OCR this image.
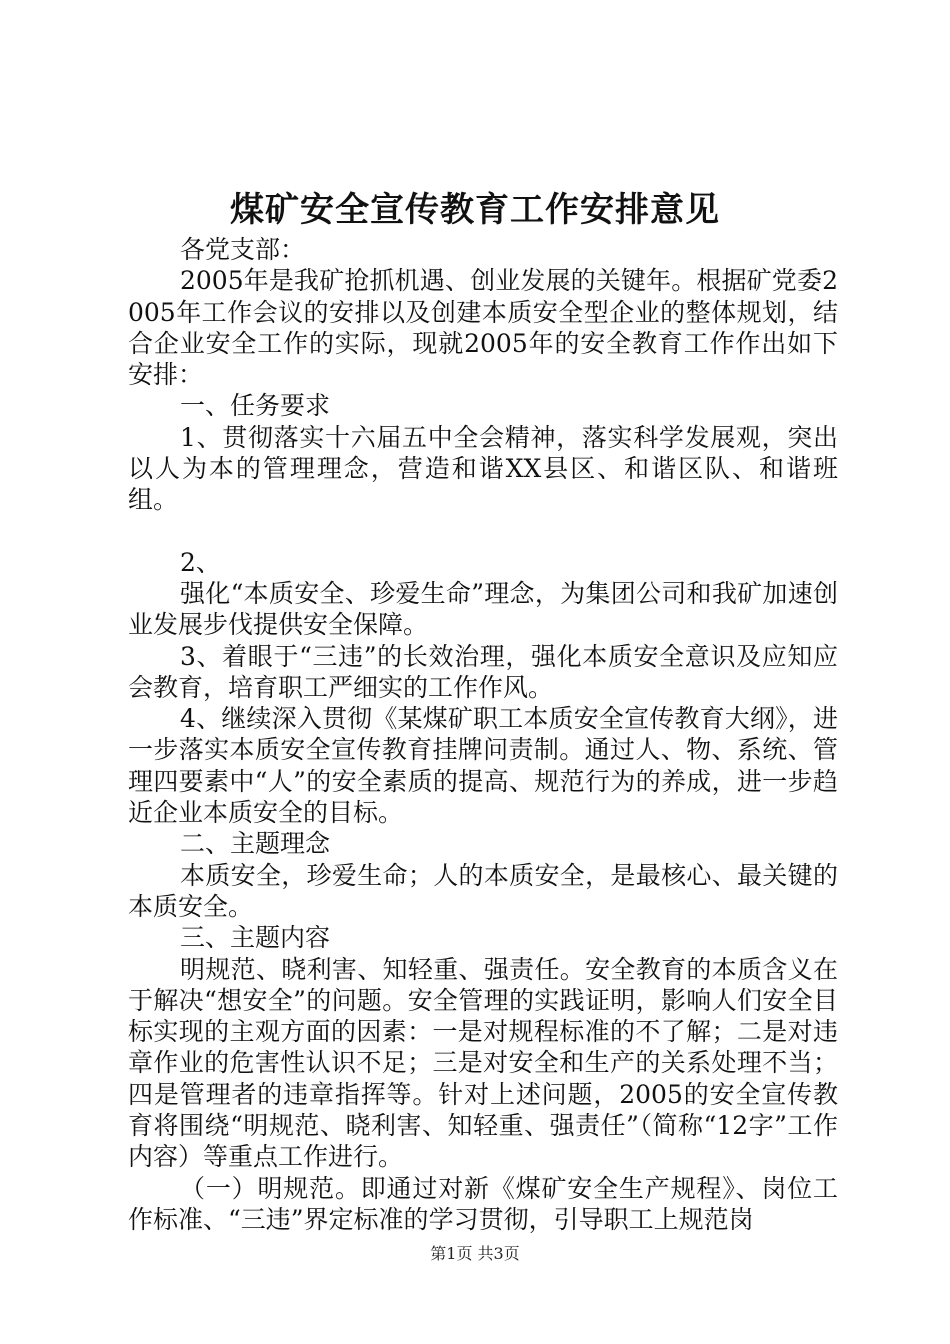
煤矿安全宣传教育工作安排意见

各党支部：

2005年是我矿抢抓机遇、创业发展的关键年。根据矿党委2005年工作会议的安排以及创建本质安全型企业的整体规划，结合企业安全工作的实际，现就2005年的安全教育工作作出如下安排：

一、任务要求

1、贯彻落实十六届五中全会精神，落实科学发展观，突出以人为本的管理理念，营造和谐XX县区、和谐区队、和谐班组。

2、

强化“本质安全、珍爱生命”理念，为集团公司和我矿加速创业发展步伐提供安全保障。

3、着眼于“三违”的长效治理，强化本质安全意识及应知应会教育，培育职工严细实的工作作风。

4、继续深入贯彻《某煤矿职工本质安全宣传教育大纲》，进一步落实本质安全宣传教育挂牌问责制。通过人、物、系统、管理四要素中“人”的安全素质的提高、规范行为的养成，进一步趋近企业本质安全的目标。

二、主题理念

本质安全，珍爱生命；人的本质安全，是最核心、最关键的本质安全。

三、主题内容

明规范、晓利害、知轻重、强责任。安全教育的本质含义在于解决“想安全”的问题。安全管理的实践证明，影响人们安全目标实现的主观方面的因素：一是对规程标准的不了解；二是对违章作业的危害性认识不足；三是对安全和生产的关系处理不当；四是管理者的违章指挥等。针对上述问题，2005的安全宣传教育将围绕“明规范、晓利害、知轻重、强责任”（简称“12字”工作内容）等重点工作进行。

（一）明规范。即通过对新《煤矿安全生产规程》、岗位工作标准、“三违”界定标准的学习贯彻，引导职工上规范岗

第1页 共3页
